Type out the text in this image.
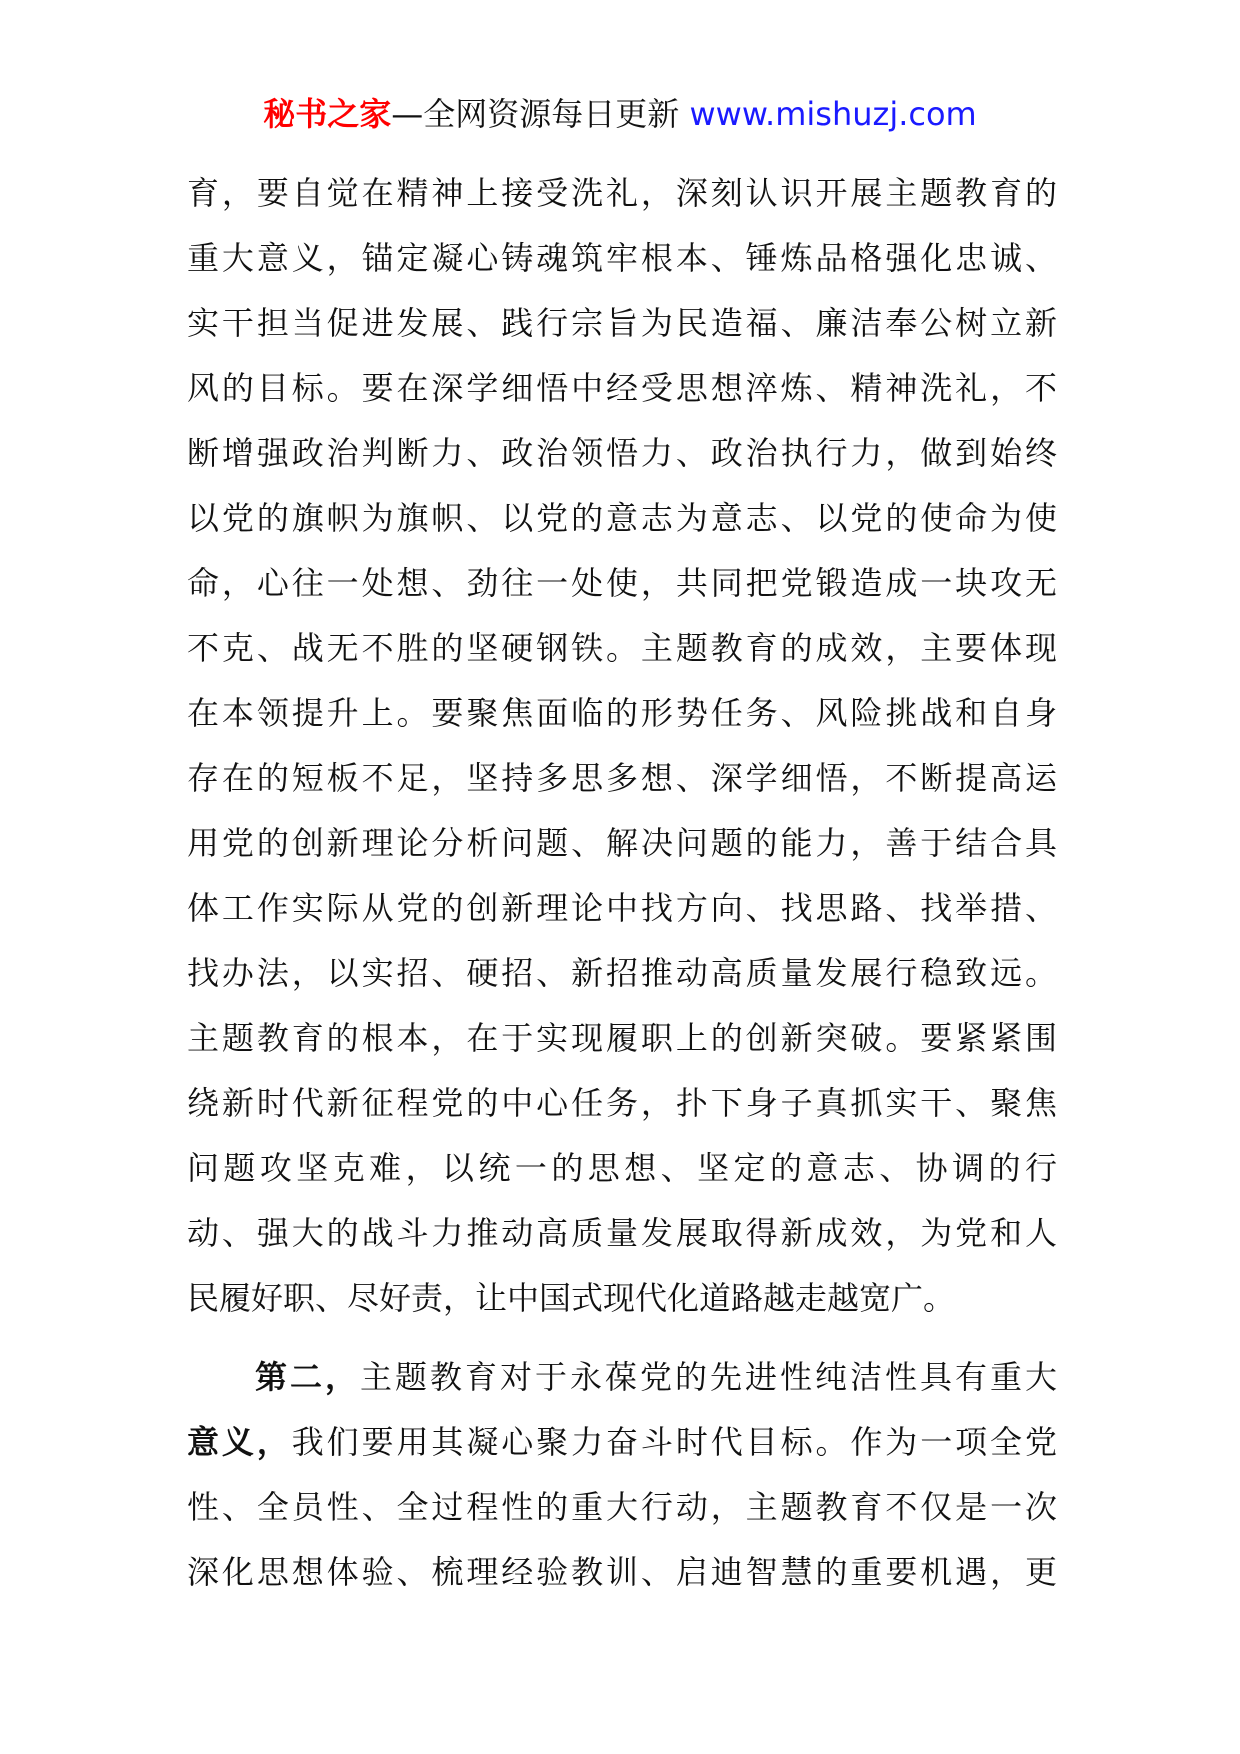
秘书之家—全网资源每日更新 www.mishuzj.com
育，要自觉在精神上接受洗礼，深刻认识开展主题教育的
重大意义，锚定凝心铸魂筑牢根本、锤炼品格强化忠诚、
实干担当促进发展、践行宗旨为民造福、廉洁奉公树立新
风的目标。要在深学细悟中经受思想淬炼、精神洗礼，不
断增强政治判断力、政治领悟力、政治执行力，做到始终
以党的旗帜为旗帜、以党的意志为意志、以党的使命为使
命，心往一处想、劲往一处使，共同把党锻造成一块攻无
不克、战无不胜的坚硬钢铁。主题教育的成效，主要体现
在本领提升上。要聚焦面临的形势任务、风险挑战和自身
存在的短板不足，坚持多思多想、深学细悟，不断提高运
用党的创新理论分析问题、解决问题的能力，善于结合具
体工作实际从党的创新理论中找方向、找思路、找举措、
找办法，以实招、硬招、新招推动高质量发展行稳致远。
主题教育的根本，在于实现履职上的创新突破。要紧紧围
绕新时代新征程党的中心任务，扑下身子真抓实干、聚焦
问题攻坚克难，以统一的思想、坚定的意志、协调的行
动、强大的战斗力推动高质量发展取得新成效，为党和人
民履好职、尽好责，让中国式现代化道路越走越宽广。
第二，主题教育对于永葆党的先进性纯洁性具有重大
意义，我们要用其凝心聚力奋斗时代目标。作为一项全党
性、全员性、全过程性的重大行动，主题教育不仅是一次
深化思想体验、梳理经验教训、启迪智慧的重要机遇，更
